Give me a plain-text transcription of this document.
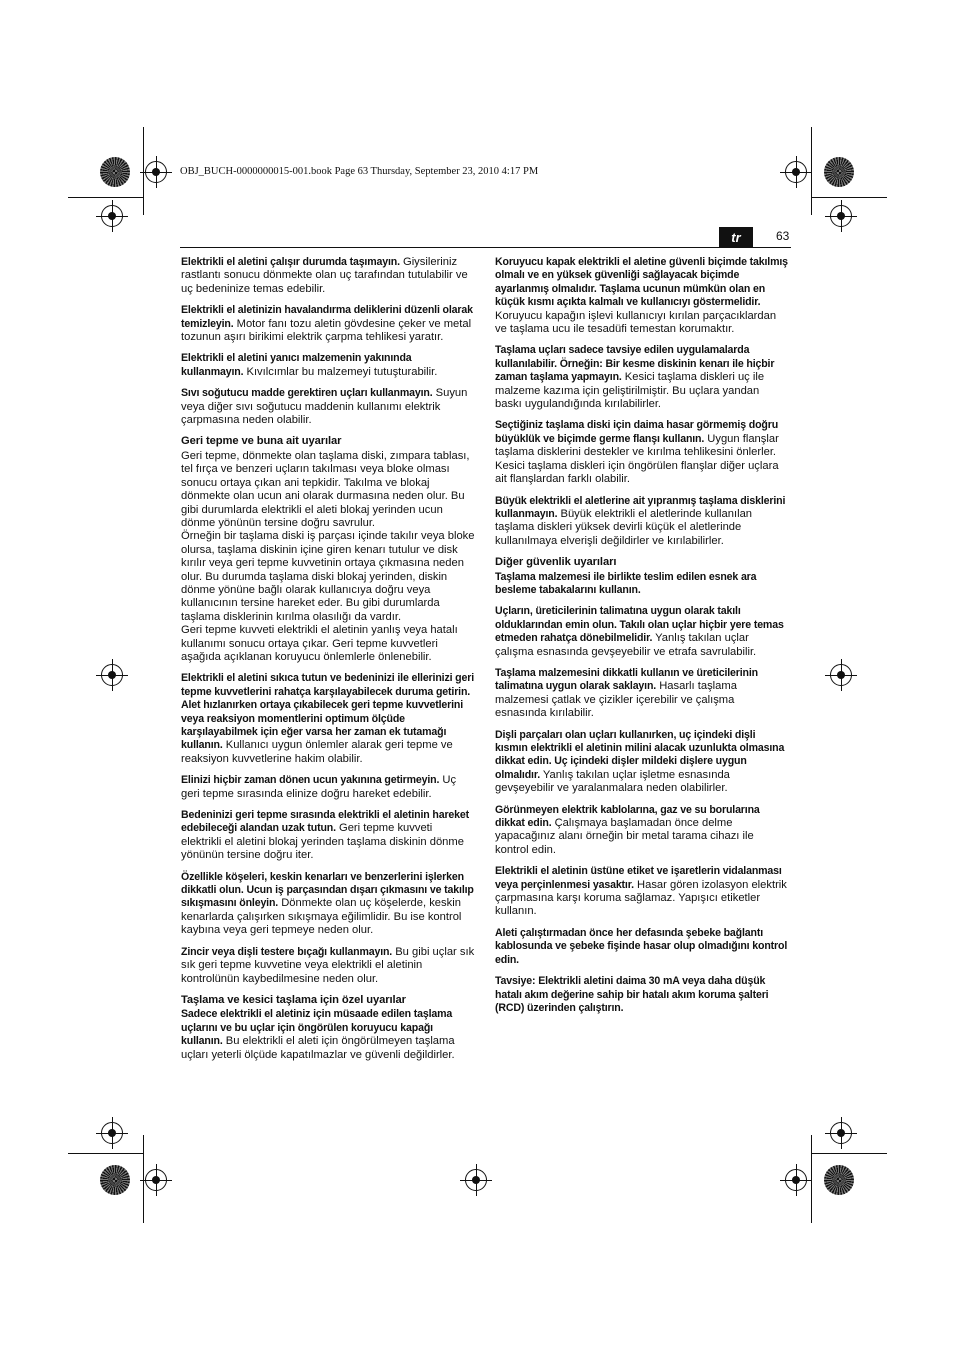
OBJ_BUCH-0000000015-001.book Page 63 Thursday, September 23, 2010 4:17 PM
tr	63

Elektrikli el aletini çalışır durumda taşımayın. Giysileriniz rastlantı sonucu dönmekte olan uç tarafından tutulabilir ve uç bedeninize temas edebilir.

Elektrikli el aletinizin havalandırma deliklerini düzenli olarak temizleyin. Motor fanı tozu aletin gövdesine çeker ve metal tozunun aşırı birikimi elektrik çarpma tehlikesi yaratır.

Elektrikli el aletini yanıcı malzemenin yakınında kullanmayın. Kıvılcımlar bu malzemeyi tutuşturabilir.

Sıvı soğutucu madde gerektiren uçları kullanmayın. Suyun veya diğer sıvı soğutucu maddenin kullanımı elektrik çarpmasına neden olabilir.

Geri tepme ve buna ait uyarılar

Geri tepme, dönmekte olan taşlama diski, zımpara tablası, tel fırça ve benzeri uçların takılması veya bloke olması sonucu ortaya çıkan ani tepkidir. Takılma ve blokaj dönmekte olan ucun ani olarak durmasına neden olur. Bu gibi durumlarda elektrikli el aleti blokaj yerinden ucun dönme yönünün tersine doğru savrulur.

Örneğin bir taşlama diski iş parçası içinde takılır veya bloke olursa, taşlama diskinin içine giren kenarı tutulur ve disk kırılır veya geri tepme kuvvetinin ortaya çıkmasına neden olur. Bu durumda taşlama diski blokaj yerinden, diskin dönme yönüne bağlı olarak kullanıcıya doğru veya kullanıcının tersine hareket eder. Bu gibi durumlarda taşlama disklerinin kırılma olasılığı da vardır.

Geri tepme kuvveti elektrikli el aletinin yanlış veya hatalı kullanımı sonucu ortaya çıkar. Geri tepme kuvvetleri aşağıda açıklanan koruyucu önlemlerle önlenebilir.

Elektrikli el aletini sıkıca tutun ve bedeninizi ile ellerinizi geri tepme kuvvetlerini rahatça karşılayabilecek duruma getirin. Alet hızlanırken ortaya çıkabilecek geri tepme kuvvetlerini veya reaksiyon momentlerini optimum ölçüde karşılayabilmek için eğer varsa her zaman ek tutamağı kullanın. Kullanıcı uygun önlemler alarak geri tepme ve reaksiyon kuvvetlerine hakim olabilir.

Elinizi hiçbir zaman dönen ucun yakınına getirmeyin. Uç geri tepme sırasında elinize doğru hareket edebilir.

Bedeninizi geri tepme sırasında elektrikli el aletinin hareket edebileceği alandan uzak tutun. Geri tepme kuvveti elektrikli el aletini blokaj yerinden taşlama diskinin dönme yönünün tersine doğru iter.

Özellikle köşeleri, keskin kenarları ve benzerlerini işlerken dikkatli olun. Ucun iş parçasından dışarı çıkmasını ve takılıp sıkışmasını önleyin. Dönmekte olan uç köşelerde, keskin kenarlarda çalışırken sıkışmaya eğilimlidir. Bu ise kontrol kaybına veya geri tepmeye neden olur.

Zincir veya dişli testere bıçağı kullanmayın. Bu gibi uçlar sık sık geri tepme kuvvetine veya elektrikli el aletinin kontrolünün kaybedilmesine neden olur.

Taşlama ve kesici taşlama için özel uyarılar

Sadece elektrikli el aletiniz için müsaade edilen taşlama uçlarını ve bu uçlar için öngörülen koruyucu kapağı kullanın. Bu elektrikli el aleti için öngörülmeyen taşlama uçları yeterli ölçüde kapatılmazlar ve güvenli değildirler.

Koruyucu kapak elektrikli el aletine güvenli biçimde takılmış olmalı ve en yüksek güvenliği sağlayacak biçimde ayarlanmış olmalıdır. Taşlama ucunun mümkün olan en küçük kısmı açıkta kalmalı ve kullanıcıyı göstermelidir. Koruyucu kapağın işlevi kullanıcıyı kırılan parçacıklardan ve taşlama ucu ile tesadüfi temestan korumaktır.

Taşlama uçları sadece tavsiye edilen uygulamalarda kullanılabilir. Örneğin: Bir kesme diskinin kenarı ile hiçbir zaman taşlama yapmayın. Kesici taşlama diskleri uç ile malzeme kazıma için geliştirilmiştir. Bu uçlara yandan baskı uygulandığında kırılabilirler.

Seçtiğiniz taşlama diski için daima hasar görmemiş doğru büyüklük ve biçimde germe flanşı kullanın. Uygun flanşlar taşlama disklerini destekler ve kırılma tehlikesini önlerler. Kesici taşlama diskleri için öngörülen flanşlar diğer uçlara ait flanşlardan farklı olabilir.

Büyük elektrikli el aletlerine ait yıpranmış taşlama disklerini kullanmayın. Büyük elektrikli el aletlerinde kullanılan taşlama diskleri yüksek devirli küçük el aletlerinde kullanılmaya elverişli değildirler ve kırılabilirler.

Diğer güvenlik uyarıları

Taşlama malzemesi ile birlikte teslim edilen esnek ara besleme tabakalarını kullanın.

Uçların, üreticilerinin talimatına uygun olarak takılı olduklarından emin olun. Takılı olan uçlar hiçbir yere temas etmeden rahatça dönebilmelidir. Yanlış takılan uçlar çalışma esnasında gevşeyebilir ve etrafa savrulabilir.

Taşlama malzemesini dikkatli kullanın ve üreticilerinin talimatına uygun olarak saklayın. Hasarlı taşlama malzemesi çatlak ve çizikler içerebilir ve çalışma esnasında kırılabilir.

Dişli parçaları olan uçları kullanırken, uç içindeki dişli kısmın elektrikli el aletinin milini alacak uzunlukta olmasına dikkat edin. Uç içindeki dişler mildeki dişlere uygun olmalıdır. Yanlış takılan uçlar işletme esnasında gevşeyebilir ve yaralanmalara neden olabilirler.

Görünmeyen elektrik kablolarına, gaz ve su borularına dikkat edin. Çalışmaya başlamadan önce delme yapacağınız alanı örneğin bir metal tarama cihazı ile kontrol edin.

Elektrikli el aletinin üstüne etiket ve işaretlerin vidalanması veya perçinlenmesi yasaktır. Hasar gören izolasyon elektrik çarpmasına karşı koruma sağlamaz. Yapışıcı etiketler kullanın.

Aleti çalıştırmadan önce her defasında şebeke bağlantı kablosunda ve şebeke fişinde hasar olup olmadığını kontrol edin.

Tavsiye: Elektrikli aletini daima 30 mA veya daha düşük hatalı akım değerine sahip bir hatalı akım koruma şalteri (RCD) üzerinden çalıştırın.
